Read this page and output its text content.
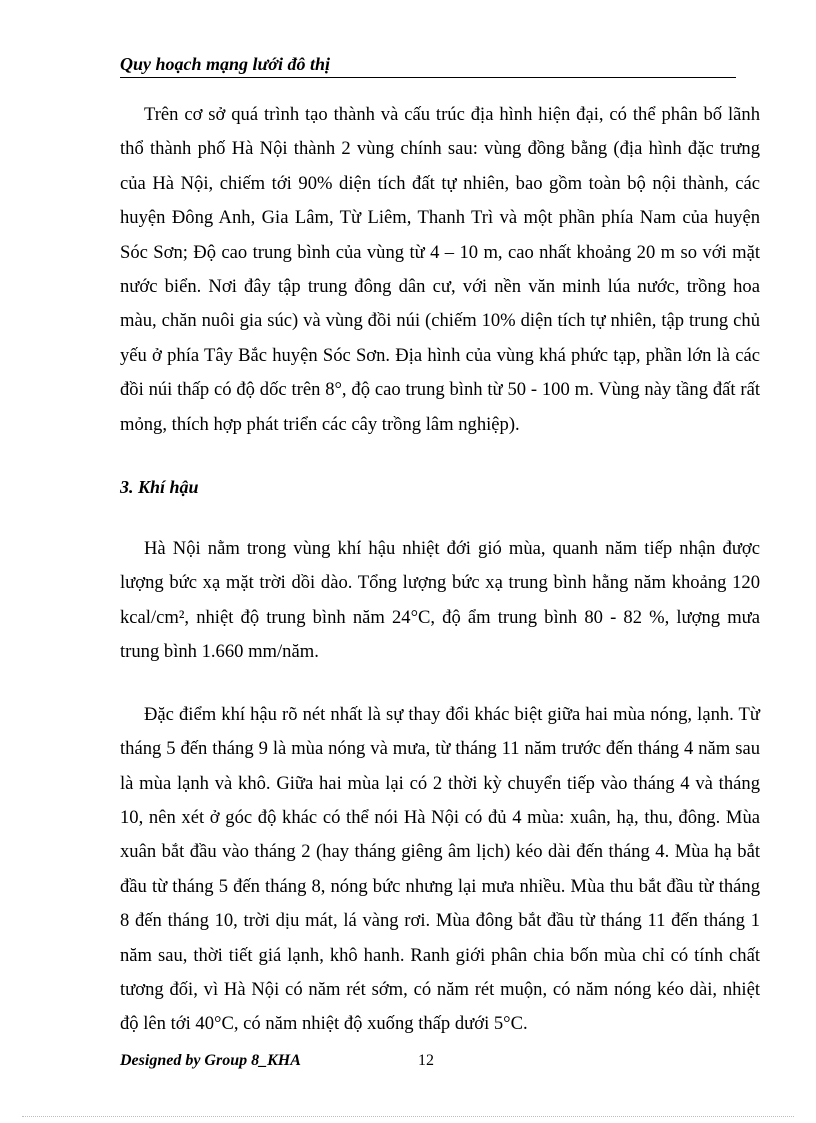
Quy hoạch mạng lưới đô thị

Trên cơ sở quá trình tạo thành và cấu trúc địa hình hiện đại, có thể phân bố lãnh thổ thành phố Hà Nội thành 2 vùng chính sau: vùng đồng bằng (địa hình đặc trưng của Hà Nội, chiếm tới 90% diện tích đất tự nhiên, bao gồm toàn bộ nội thành, các huyện Đông Anh, Gia Lâm, Từ Liêm, Thanh Trì và một phần phía Nam của huyện Sóc Sơn; Độ cao trung bình của vùng từ 4 – 10 m, cao nhất khoảng 20 m so với mặt nước biển. Nơi đây tập trung đông dân cư, với nền văn minh lúa nước, trồng hoa màu, chăn nuôi gia súc) và vùng đồi núi (chiếm 10% diện tích tự nhiên, tập trung chủ yếu ở phía Tây Bắc huyện Sóc Sơn. Địa hình của vùng khá phức tạp, phần lớn là các đồi núi thấp có độ dốc trên 8°, độ cao trung bình từ 50 - 100 m. Vùng này tầng đất rất mỏng, thích hợp phát triển các cây trồng lâm nghiệp).

3. Khí hậu

Hà Nội nằm trong vùng khí hậu nhiệt đới gió mùa, quanh năm tiếp nhận được lượng bức xạ mặt trời dồi dào. Tổng lượng bức xạ trung bình hằng năm khoảng 120 kcal/cm², nhiệt độ trung bình năm 24°C, độ ẩm trung bình 80 - 82 %, lượng mưa trung bình 1.660 mm/năm.

Đặc điểm khí hậu rõ nét nhất là sự thay đổi khác biệt giữa hai mùa nóng, lạnh. Từ tháng 5 đến tháng 9 là mùa nóng và mưa, từ tháng 11 năm trước đến tháng 4 năm sau là mùa lạnh và khô. Giữa hai mùa lại có 2 thời kỳ chuyển tiếp vào tháng 4 và tháng 10, nên xét ở góc độ khác có thể nói Hà Nội có đủ 4 mùa: xuân, hạ, thu, đông. Mùa xuân bắt đầu vào tháng 2 (hay tháng giêng âm lịch) kéo dài đến tháng 4. Mùa hạ bắt đầu từ tháng 5 đến tháng 8, nóng bức nhưng lại mưa nhiều. Mùa thu bắt đầu từ tháng 8 đến tháng 10, trời dịu mát, lá vàng rơi. Mùa đông bắt đầu từ tháng 11 đến tháng 1 năm sau, thời tiết giá lạnh, khô hanh. Ranh giới phân chia bốn mùa chỉ có tính chất tương đối, vì Hà Nội có năm rét sớm, có năm rét muộn, có năm nóng kéo dài, nhiệt độ lên tới 40°C, có năm nhiệt độ xuống thấp dưới 5°C.

Designed by Group 8_KHA	12
